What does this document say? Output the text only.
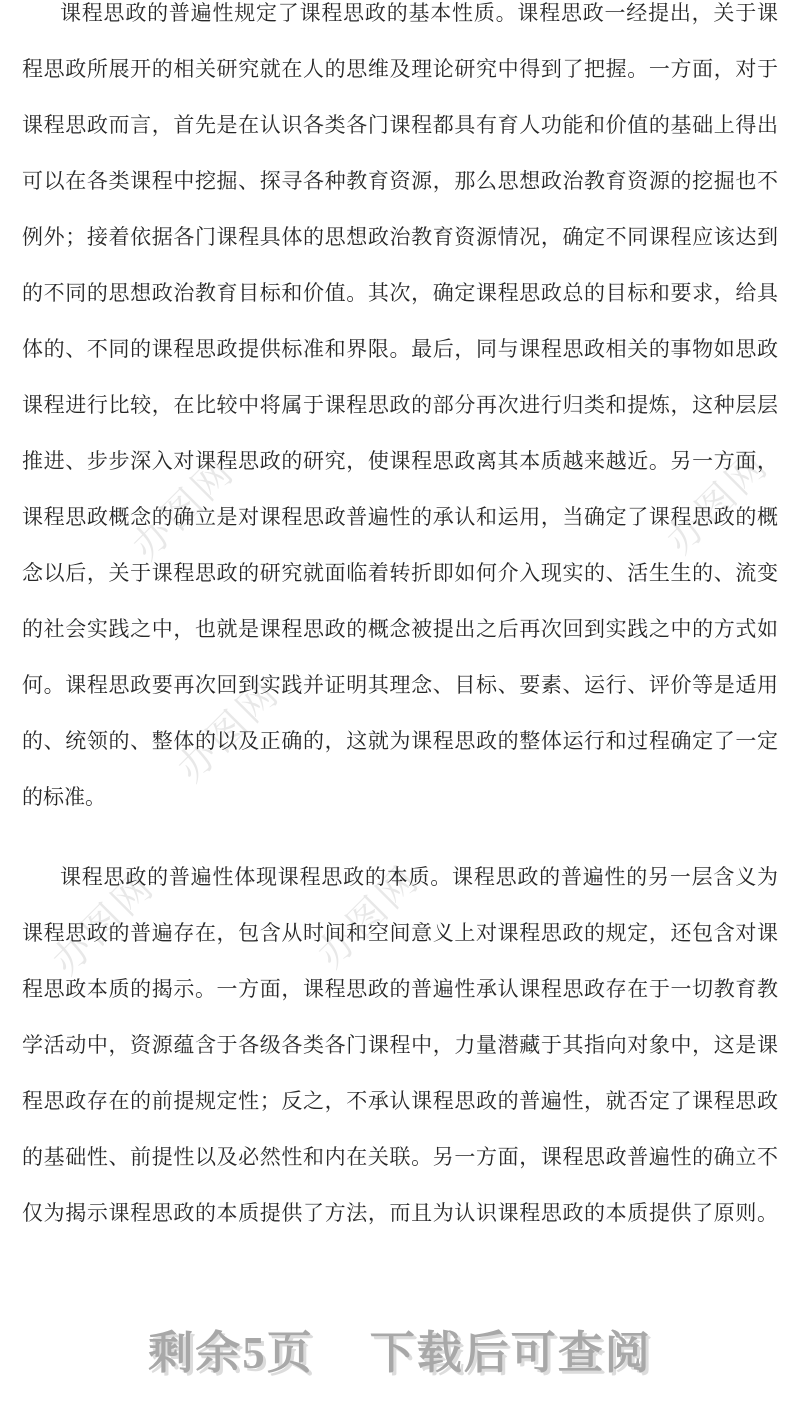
办图网	办图网
办图网
办图网	办图网
课程思政的普遍性规定了课程思政的基本性质。课程思政一经提出，关于课
程思政所展开的相关研究就在人的思维及理论研究中得到了把握。一方面，对于
课程思政而言，首先是在认识各类各门课程都具有育人功能和价值的基础上得出
可以在各类课程中挖掘、探寻各种教育资源，那么思想政治教育资源的挖掘也不
例外；接着依据各门课程具体的思想政治教育资源情况，确定不同课程应该达到
的不同的思想政治教育目标和价值。其次，确定课程思政总的目标和要求，给具
体的、不同的课程思政提供标准和界限。最后，同与课程思政相关的事物如思政
课程进行比较，在比较中将属于课程思政的部分再次进行归类和提炼，这种层层
推进、步步深入对课程思政的研究，使课程思政离其本质越来越近。另一方面，
课程思政概念的确立是对课程思政普遍性的承认和运用，当确定了课程思政的概
念以后，关于课程思政的研究就面临着转折即如何介入现实的、活生生的、流变
的社会实践之中，也就是课程思政的概念被提出之后再次回到实践之中的方式如
何。课程思政要再次回到实践并证明其理念、目标、要素、运行、评价等是适用
的、统领的、整体的以及正确的，这就为课程思政的整体运行和过程确定了一定
的标准。
课程思政的普遍性体现课程思政的本质。课程思政的普遍性的另一层含义为
课程思政的普遍存在，包含从时间和空间意义上对课程思政的规定，还包含对课
程思政本质的揭示。一方面，课程思政的普遍性承认课程思政存在于一切教育教
学活动中，资源蕴含于各级各类各门课程中，力量潜藏于其指向对象中，这是课
程思政存在的前提规定性；反之，不承认课程思政的普遍性，就否定了课程思政
的基础性、前提性以及必然性和内在关联。另一方面，课程思政普遍性的确立不
仅为揭示课程思政的本质提供了方法，而且为认识课程思政的本质提供了原则。
剩余5页 下载后可查阅
